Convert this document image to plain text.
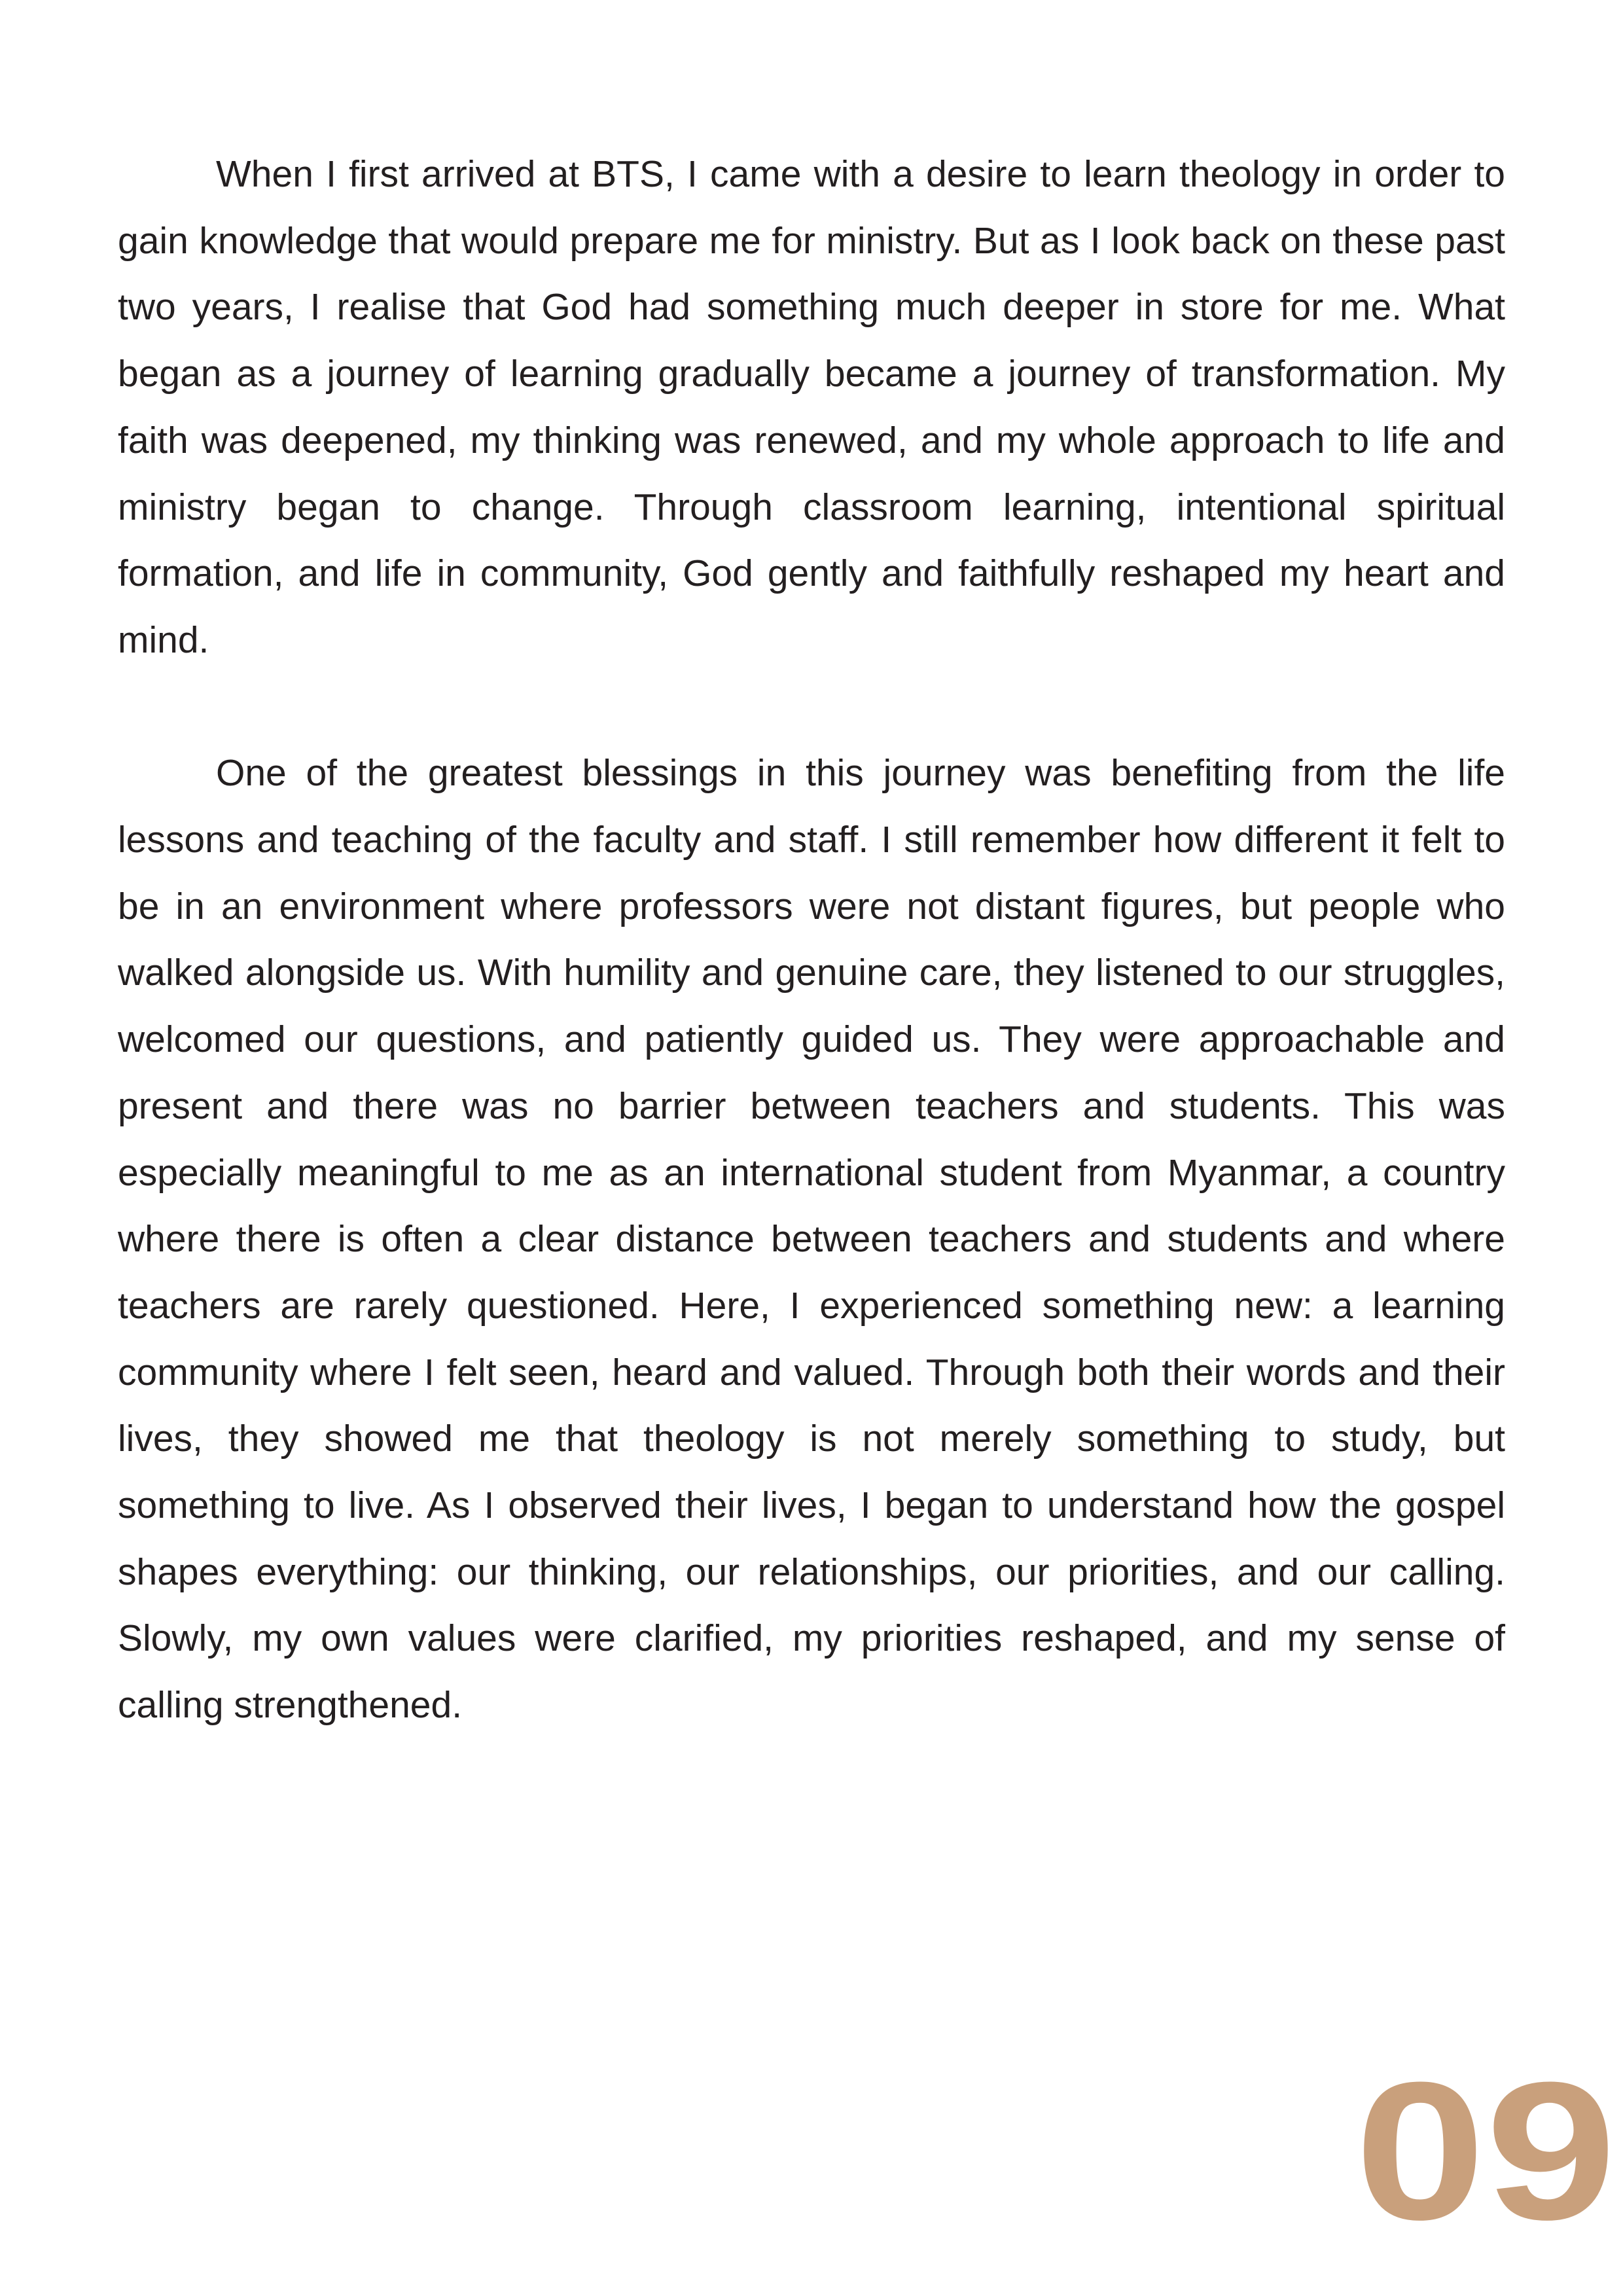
When I first arrived at BTS, I came with a desire to learn theology in order to gain knowledge that would prepare me for ministry. But as I look back on these past two years, I realise that God had something much deeper in store for me. What began as a journey of learning gradually became a journey of transformation. My faith was deepened, my thinking was renewed, and my whole approach to life and ministry began to change. Through classroom learning, intentional spiritual formation, and life in community, God gently and faithfully reshaped my heart and mind.

One of the greatest blessings in this journey was benefiting from the life lessons and teaching of the faculty and staff. I still remember how different it felt to be in an environment where professors were not distant figures, but people who walked alongside us. With humility and genuine care, they listened to our struggles, welcomed our questions, and patiently guided us. They were approachable and present and there was no barrier between teachers and students. This was especially meaningful to me as an international student from Myanmar, a country where there is often a clear distance between teachers and students and where teachers are rarely questioned. Here, I experienced something new: a learning community where I felt seen, heard and valued. Through both their words and their lives, they showed me that theology is not merely something to study, but something to live. As I observed their lives, I began to understand how the gospel shapes everything: our thinking, our relationships, our priorities, and our calling. Slowly, my own values were clarified, my priorities reshaped, and my sense of calling strengthened.

09
